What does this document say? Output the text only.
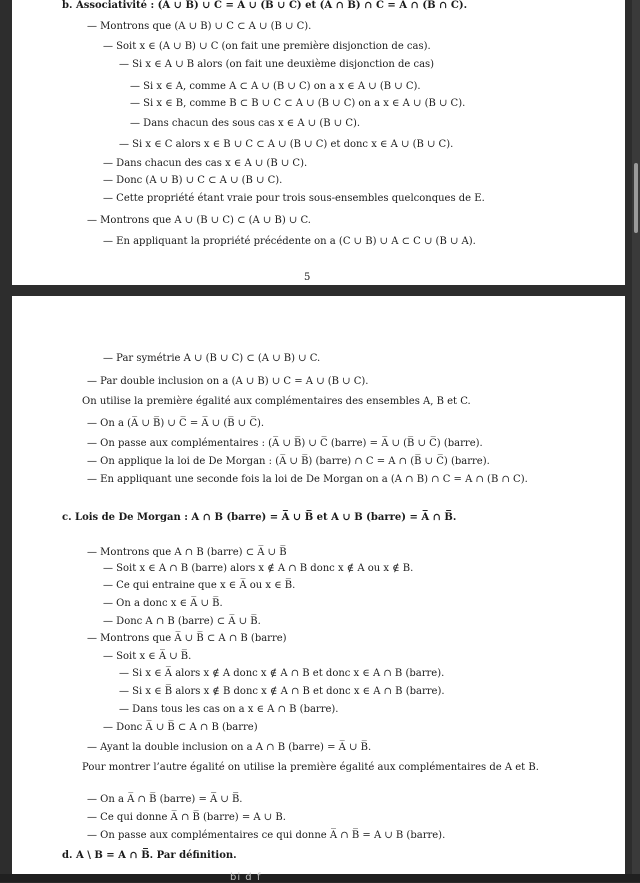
b. Associativité : (A ∪ B) ∪ C = A ∪ (B ∪ C) et (A ∩ B) ∩ C = A ∩ (B ∩ C).
— Montrons que (A ∪ B) ∪ C ⊂ A ∪ (B ∪ C).
— Soit x ∈ (A ∪ B) ∪ C (on fait une première disjonction de cas).
— Si x ∈ A ∪ B alors (on fait une deuxième disjonction de cas)
— Si x ∈ A, comme A ⊂ A ∪ (B ∪ C) on a x ∈ A ∪ (B ∪ C).
— Si x ∈ B, comme B ⊂ B ∪ C ⊂ A ∪ (B ∪ C) on a x ∈ A ∪ (B ∪ C).
— Dans chacun des sous cas x ∈ A ∪ (B ∪ C).
— Si x ∈ C alors x ∈ B ∪ C ⊂ A ∪ (B ∪ C) et donc x ∈ A ∪ (B ∪ C).
— Dans chacun des cas x ∈ A ∪ (B ∪ C).
— Donc (A ∪ B) ∪ C ⊂ A ∪ (B ∪ C).
— Cette propriété étant vraie pour trois sous-ensembles quelconques de E.
— Montrons que A ∪ (B ∪ C) ⊂ (A ∪ B) ∪ C.
— En appliquant la propriété précédente on a (C ∪ B) ∪ A ⊂ C ∪ (B ∪ A).
5
— Par symétrie A ∪ (B ∪ C) ⊂ (A ∪ B) ∪ C.
— Par double inclusion on a (A ∪ B) ∪ C = A ∪ (B ∪ C).
On utilise la première égalité aux complémentaires des ensembles A, B et C.
— On a (A̅ ∪ B̅) ∪ C̅ = A̅ ∪ (B̅ ∪ C̅).
— On passe aux complémentaires : (A̅ ∪ B̅) ∪ C̅ (barre) = A̅ ∪ (B̅ ∪ C̅) (barre).
— On applique la loi de De Morgan : (A̅ ∪ B̅) (barre) ∩ C = A ∩ (B̅ ∪ C̅) (barre).
— En appliquant une seconde fois la loi de De Morgan on a (A ∩ B) ∩ C = A ∩ (B ∩ C).
c. Lois de De Morgan : A ∩ B (barre) = A̅ ∪ B̅ et A ∪ B (barre) = A̅ ∩ B̅.
— Montrons que A ∩ B (barre) ⊂ A̅ ∪ B̅
— Soit x ∈ A ∩ B (barre) alors x ∉ A ∩ B donc x ∉ A ou x ∉ B.
— Ce qui entraine que x ∈ A̅ ou x ∈ B̅.
— On a donc x ∈ A̅ ∪ B̅.
— Donc A ∩ B (barre) ⊂ A̅ ∪ B̅.
— Montrons que A̅ ∪ B̅ ⊂ A ∩ B (barre)
— Soit x ∈ A̅ ∪ B̅.
— Si x ∈ A̅ alors x ∉ A donc x ∉ A ∩ B et donc x ∈ A ∩ B (barre).
— Si x ∈ B̅ alors x ∉ B donc x ∉ A ∩ B et donc x ∈ A ∩ B (barre).
— Dans tous les cas on a x ∈ A ∩ B (barre).
— Donc A̅ ∪ B̅ ⊂ A ∩ B (barre)
— Ayant la double inclusion on a A ∩ B (barre) = A̅ ∪ B̅.
Pour montrer l’autre égalité on utilise la première égalité aux complémentaires de A et B.
— On a A̅ ∩ B̅ (barre) = A̅̅ ∪ B̅̅.
— Ce qui donne A̅ ∩ B̅ (barre) = A ∪ B.
— On passe aux complémentaires ce qui donne A̅ ∩ B̅ = A ∪ B (barre).
d. A \ B = A ∩ B̅. Par définition.
bi d f
